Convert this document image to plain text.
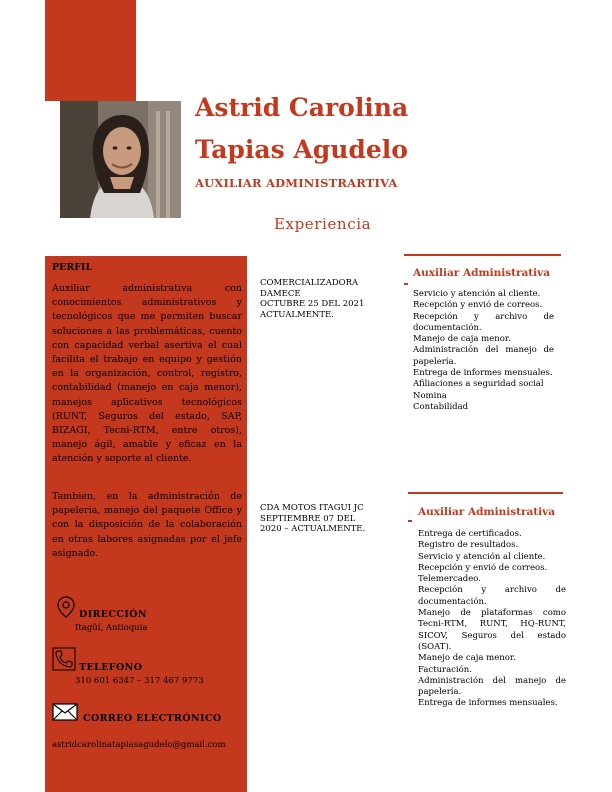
Astrid Carolina
Tapias Agudelo
AUXILIAR ADMINISTRARTIVA
Experiencia
PERFIL

Auxiliar administrativa con conocimientos administrativos y tecnológicos que me permiten buscar soluciones a las problemáticas, cuento con capacidad verbal asertiva el cual facilita el trabajo en equipo y gestión en la organización, control, registro, contabilidad (manejo en caja menor), manejos aplicativos tecnológicos (RUNT, Seguros del estado, SAP, BIZAGI, Tecni-RTM, entre otros), manejo ágil, amable y eficaz en la atención y soporte al cliente.

Tambien, en la administración de papeleria, manejo del paquete Office y con la disposición de la colaboración en otras labores asignadas por el jefe asignado.

DIRECCIÓN
Itagüí, Antioquia
TELEFONO
310 601 6347 – 317 467 9773
CORREO ELECTRÓNICO
astridcarolinatapiasagudelo@gmail.com
COMERCIALIZADORA
DAMECE
OCTUBRE 25 DEL 2021
ACTUALMENTE.
Auxiliar Administrativa
Servicio y atención al cliente.
Recepción y envió de correos.
Recepción y archivo de documentación.
Manejo de caja menor.
Administración del manejo de papelería.
Entrega de informes mensuales.
Afiliaciones a seguridad social
Nomina
Contabilidad
CDA MOTOS ITAGUI JC
SEPTIEMBRE 07 DEL
2020 – ACTUALMENTE.
Auxiliar Administrativa
Entrega de certificados.
Registro de resultados.
Servicio y atención al cliente.
Recepción y envió de correos.
Telemercadeo.
Recepción y archivo de documentación.
Manejo de plataformas como Tecni-RTM, RUNT, HQ-RUNT, SICOV, Seguros del estado (SOAT).
Manejo de caja menor.
Facturación.
Administración del manejo de papelería.
Entrega de informes mensuales.
